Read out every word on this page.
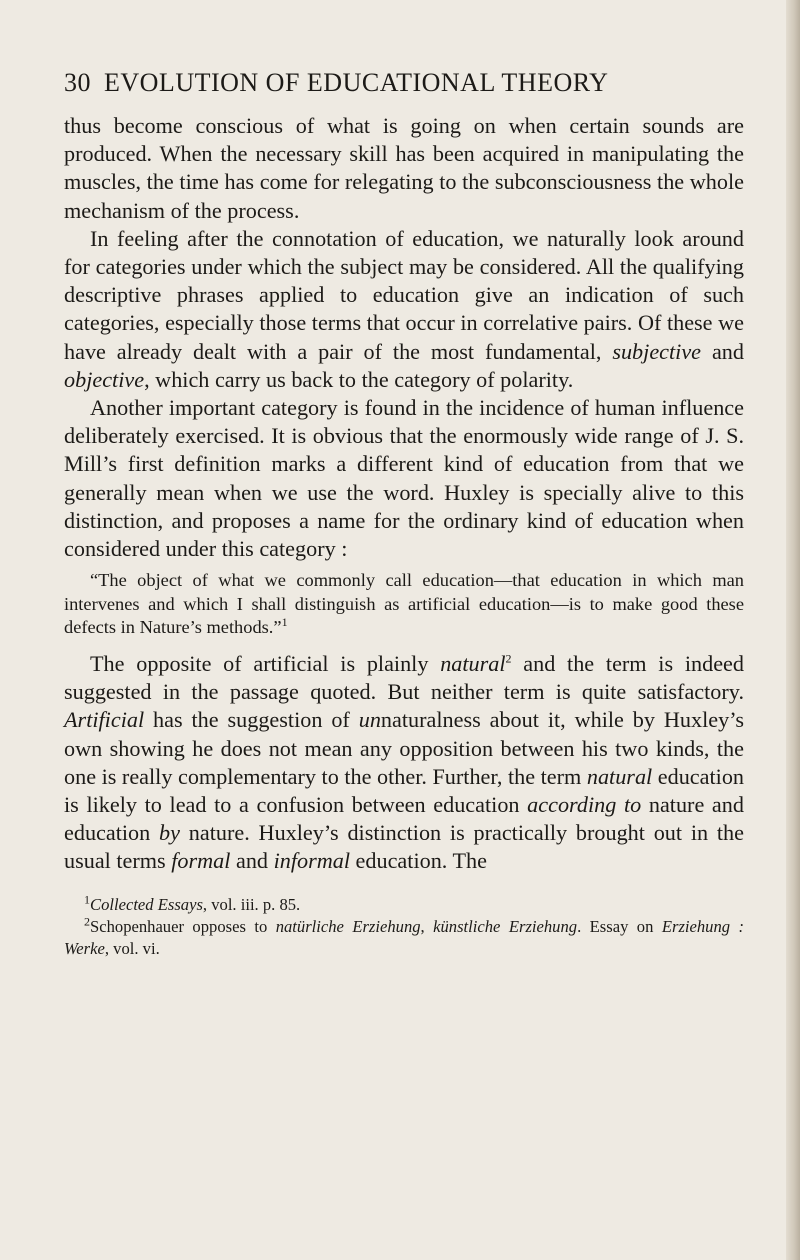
30 EVOLUTION OF EDUCATIONAL THEORY

thus become conscious of what is going on when certain sounds are produced. When the necessary skill has been acquired in manipulating the muscles, the time has come for relegating to the subconsciousness the whole mechanism of the process.

In feeling after the connotation of education, we naturally look around for categories under which the subject may be considered. All the qualifying descriptive phrases applied to education give an indication of such categories, especially those terms that occur in correlative pairs. Of these we have already dealt with a pair of the most fundamental, subjective and objective, which carry us back to the category of polarity.

Another important category is found in the incidence of human influence deliberately exercised. It is obvious that the enormously wide range of J. S. Mill’s first definition marks a different kind of education from that we generally mean when we use the word. Huxley is specially alive to this distinction, and proposes a name for the ordinary kind of education when considered under this category :

“The object of what we commonly call education—that education in which man intervenes and which I shall distinguish as artificial education—is to make good these defects in Nature’s methods.”$^1$

The opposite of artificial is plainly natural$^2$ and the term is indeed suggested in the passage quoted. But neither term is quite satisfactory. Artificial has the suggestion of unnaturalness about it, while by Huxley’s own showing he does not mean any opposition between his two kinds, the one is really complementary to the other. Further, the term natural education is likely to lead to a confusion between education according to nature and education by nature. Huxley’s distinction is practically brought out in the usual terms formal and informal education. The

$^1$Collected Essays, vol. iii. p. 85.

$^2$Schopenhauer opposes to natürliche Erziehung, künstliche Erziehung. Essay on Erziehung : Werke, vol. vi.
